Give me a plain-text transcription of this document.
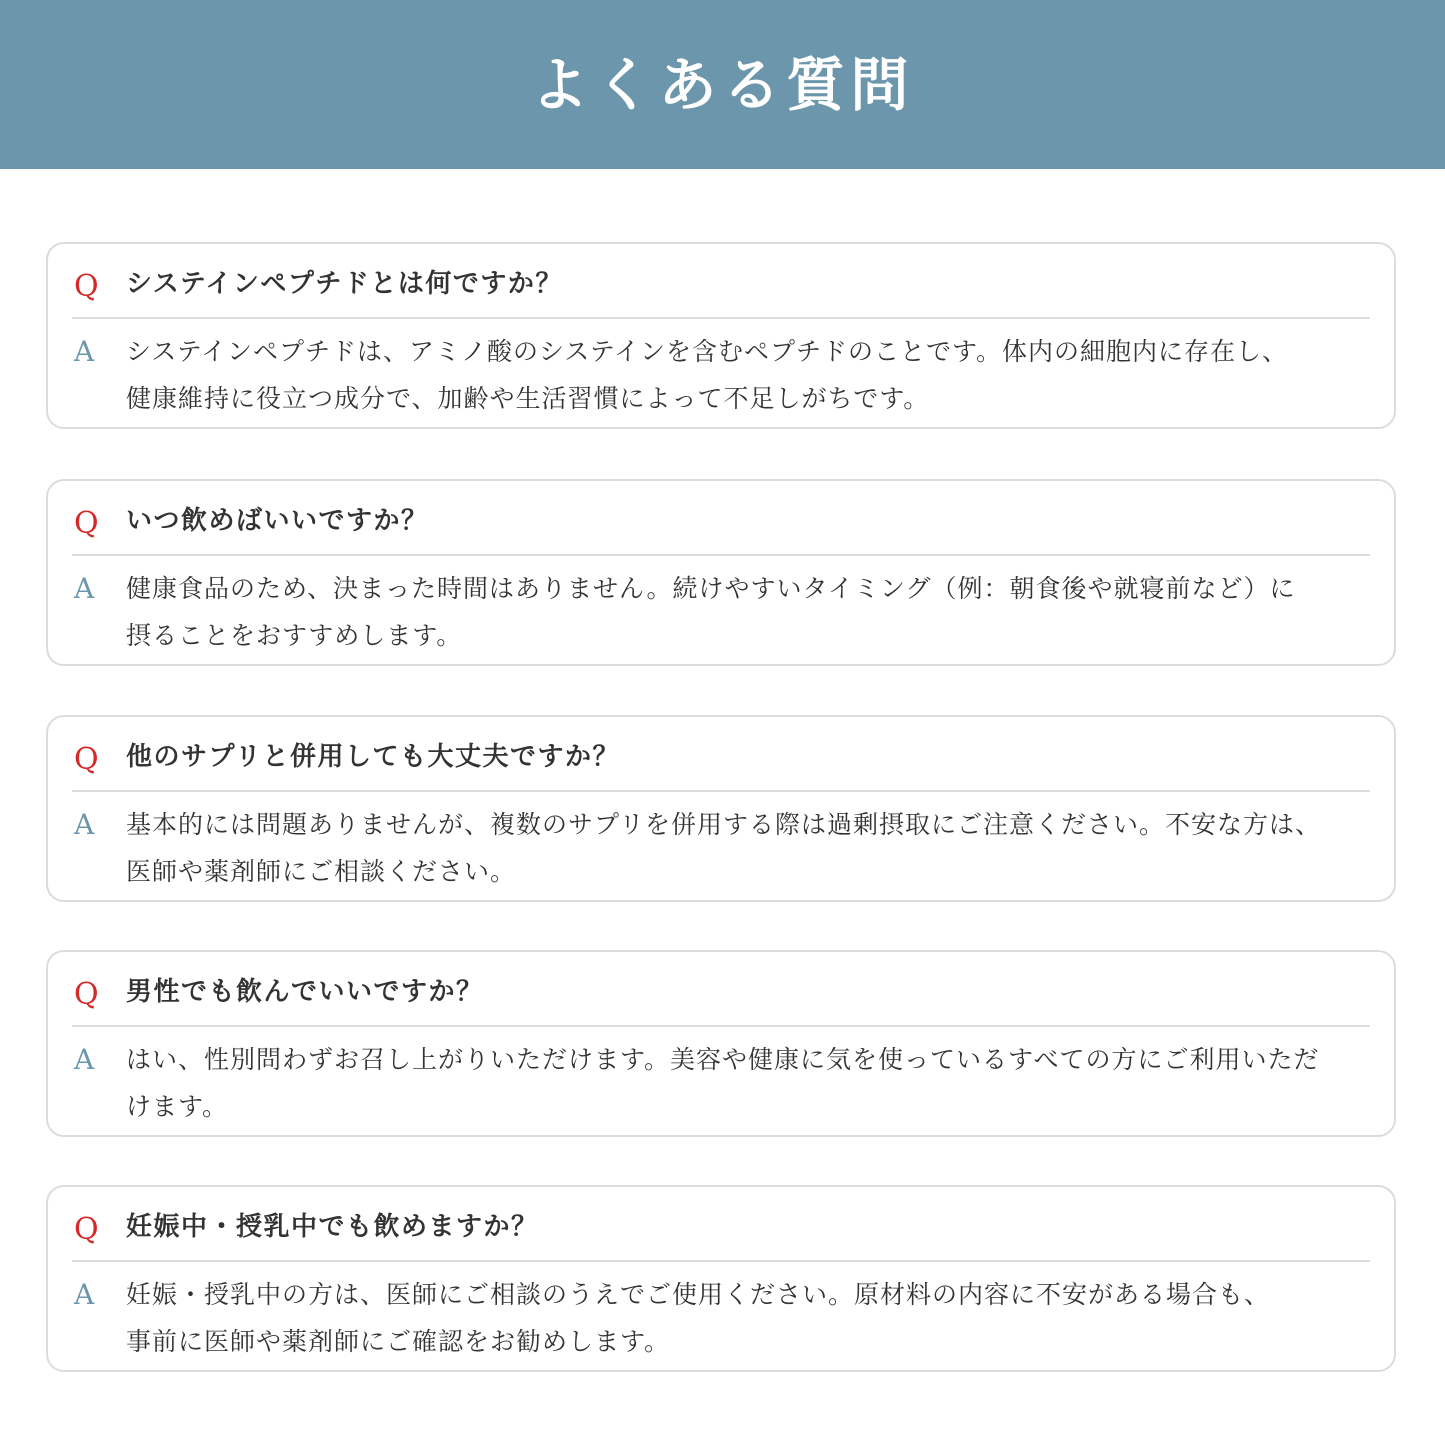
よくある質問
Q システインペプチドとは何ですか？
A システインペプチドは、アミノ酸のシステインを含むペプチドのことです。体内の細胞内に存在し、
健康維持に役立つ成分で、加齢や生活習慣によって不足しがちです。
Q いつ飲めばいいですか？
A 健康食品のため、決まった時間はありません。続けやすいタイミング（例：朝食後や就寝前など）に
摂ることをおすすめします。
Q 他のサプリと併用しても大丈夫ですか？
A 基本的には問題ありませんが、複数のサプリを併用する際は過剰摂取にご注意ください。不安な方は、
医師や薬剤師にご相談ください。
Q 男性でも飲んでいいですか？
A はい、性別問わずお召し上がりいただけます。美容や健康に気を使っているすべての方にご利用いただ
けます。
Q 妊娠中・授乳中でも飲めますか？
A 妊娠・授乳中の方は、医師にご相談のうえでご使用ください。原材料の内容に不安がある場合も、
事前に医師や薬剤師にご確認をお勧めします。
